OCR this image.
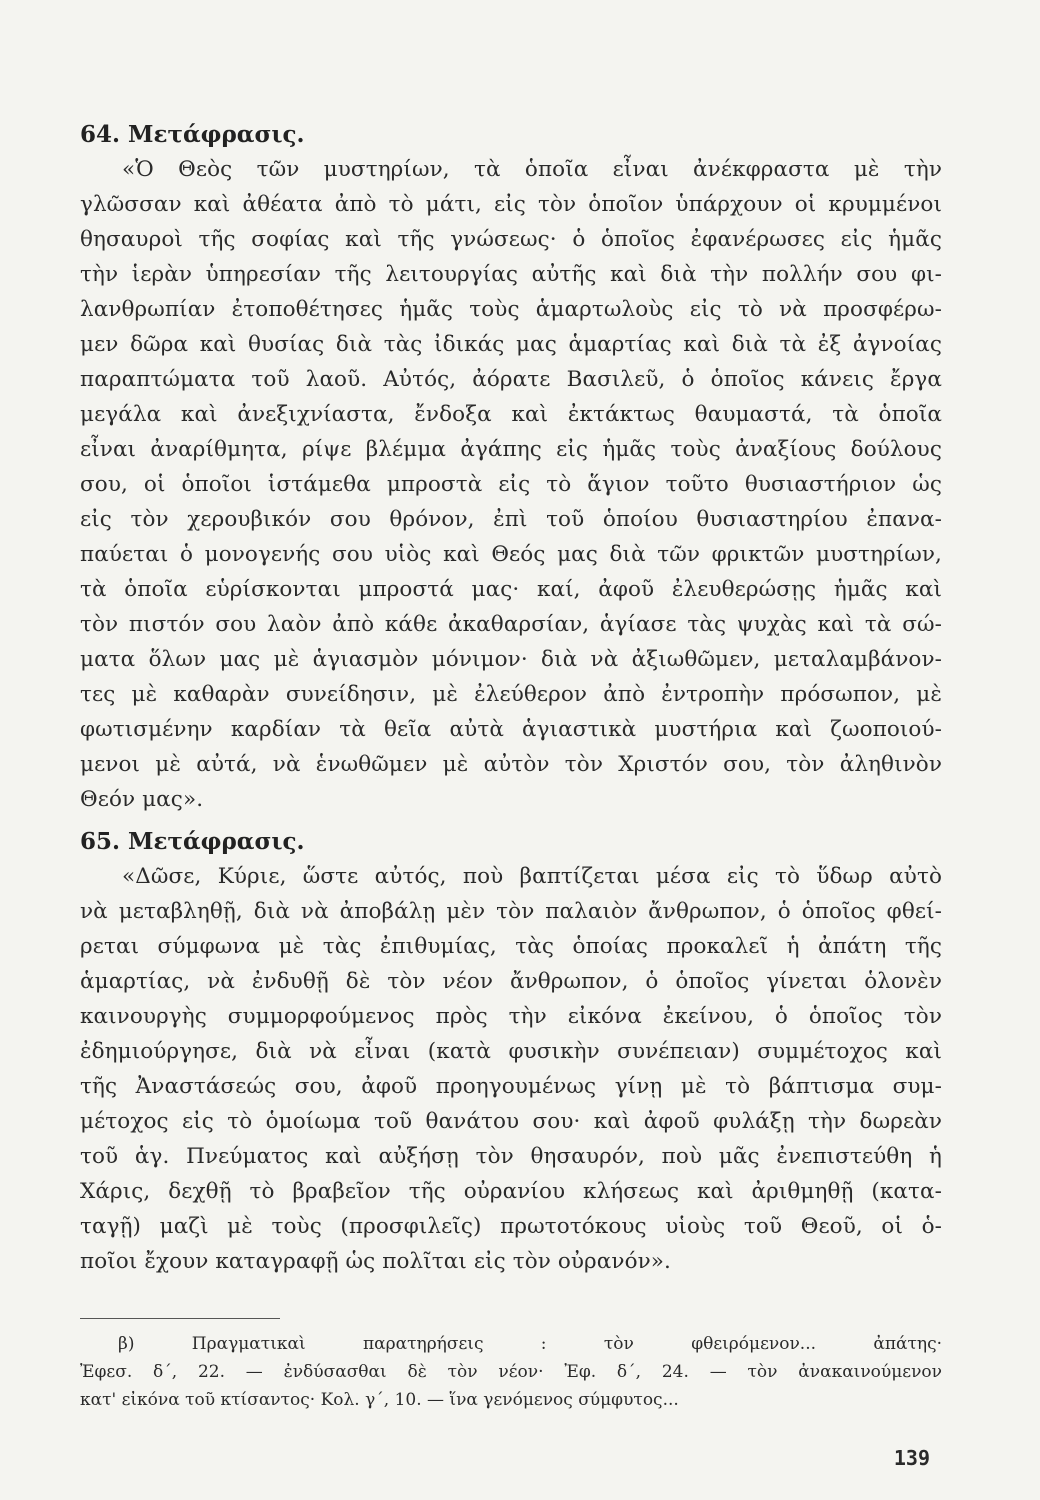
64. Μετάφρασις.
«Ὁ Θεὸς τῶν μυστηρίων, τὰ ὁποῖα εἶναι ἀνέκφραστα μὲ τὴν
γλῶσσαν καὶ ἀθέατα ἀπὸ τὸ μάτι, εἰς τὸν ὁποῖον ὑπάρχουν οἱ κρυμμένοι
θησαυροὶ τῆς σοφίας καὶ τῆς γνώσεως· ὁ ὁποῖος ἐφανέρωσες εἰς ἡμᾶς
τὴν ἱερὰν ὑπηρεσίαν τῆς λειτουργίας αὐτῆς καὶ διὰ τὴν πολλήν σου φι-
λανθρωπίαν ἐτοποθέτησες ἡμᾶς τοὺς ἁμαρτωλοὺς εἰς τὸ νὰ προσφέρω-
μεν δῶρα καὶ θυσίας διὰ τὰς ἰδικάς μας ἁμαρτίας καὶ διὰ τὰ ἐξ ἀγνοίας
παραπτώματα τοῦ λαοῦ. Αὐτός, ἀόρατε Βασιλεῦ, ὁ ὁποῖος κάνεις ἔργα
μεγάλα καὶ ἀνεξιχνίαστα, ἔνδοξα καὶ ἐκτάκτως θαυμαστά, τὰ ὁποῖα
εἶναι ἀναρίθμητα, ρίψε βλέμμα ἀγάπης εἰς ἡμᾶς τοὺς ἀναξίους δούλους
σου, οἱ ὁποῖοι ἱστάμεθα μπροστὰ εἰς τὸ ἅγιον τοῦτο θυσιαστήριον ὡς
εἰς τὸν χερουβικόν σου θρόνον, ἐπὶ τοῦ ὁποίου θυσιαστηρίου ἐπανα-
παύεται ὁ μονογενής σου υἱὸς καὶ Θεός μας διὰ τῶν φρικτῶν μυστηρίων,
τὰ ὁποῖα εὑρίσκονται μπροστά μας· καί, ἀφοῦ ἐλευθερώσῃς ἡμᾶς καὶ
τὸν πιστόν σου λαὸν ἀπὸ κάθε ἀκαθαρσίαν, ἁγίασε τὰς ψυχὰς καὶ τὰ σώ-
ματα ὅλων μας μὲ ἁγιασμὸν μόνιμον· διὰ νὰ ἀξιωθῶμεν, μεταλαμβάνον-
τες μὲ καθαρὰν συνείδησιν, μὲ ἐλεύθερον ἀπὸ ἐντροπὴν πρόσωπον, μὲ
φωτισμένην καρδίαν τὰ θεῖα αὐτὰ ἁγιαστικὰ μυστήρια καὶ ζωοποιού-
μενοι μὲ αὐτά, νὰ ἑνωθῶμεν μὲ αὐτὸν τὸν Χριστόν σου, τὸν ἀληθινὸν
Θεόν μας».
65. Μετάφρασις.
«Δῶσε, Κύριε, ὥστε αὐτός, ποὺ βαπτίζεται μέσα εἰς τὸ ὕδωρ αὐτὸ
νὰ μεταβληθῇ, διὰ νὰ ἀποβάλῃ μὲν τὸν παλαιὸν ἄνθρωπον, ὁ ὁποῖος φθεί-
ρεται σύμφωνα μὲ τὰς ἐπιθυμίας, τὰς ὁποίας προκαλεῖ ἡ ἀπάτη τῆς
ἁμαρτίας, νὰ ἐνδυθῇ δὲ τὸν νέον ἄνθρωπον, ὁ ὁποῖος γίνεται ὁλονὲν
καινουργὴς συμμορφούμενος πρὸς τὴν εἰκόνα ἐκείνου, ὁ ὁποῖος τὸν
ἐδημιούργησε, διὰ νὰ εἶναι (κατὰ φυσικὴν συνέπειαν) συμμέτοχος καὶ
τῆς Ἀναστάσεώς σου, ἀφοῦ προηγουμένως γίνῃ μὲ τὸ βάπτισμα συμ-
μέτοχος εἰς τὸ ὁμοίωμα τοῦ θανάτου σου· καὶ ἀφοῦ φυλάξῃ τὴν δωρεὰν
τοῦ ἁγ. Πνεύματος καὶ αὐξήσῃ τὸν θησαυρόν, ποὺ μᾶς ἐνεπιστεύθη ἡ
Χάρις, δεχθῇ τὸ βραβεῖον τῆς οὐρανίου κλήσεως καὶ ἀριθμηθῇ (κατα-
ταγῇ) μαζὶ μὲ τοὺς (προσφιλεῖς) πρωτοτόκους υἱοὺς τοῦ Θεοῦ, οἱ ὁ-
ποῖοι ἔχουν καταγραφῇ ὡς πολῖται εἰς τὸν οὐρανόν».
β) Πραγματικαὶ παρατηρήσεις : τὸν φθειρόμενον... ἀπάτης·
Ἐφεσ. δ´, 22. — ἐνδύσασθαι δὲ τὸν νέον· Ἐφ. δ´, 24. — τὸν ἀνακαινούμενον
κατ' εἰκόνα τοῦ κτίσαντος· Κολ. γ´, 10. — ἵνα γενόμενος σύμφυτος...
139
